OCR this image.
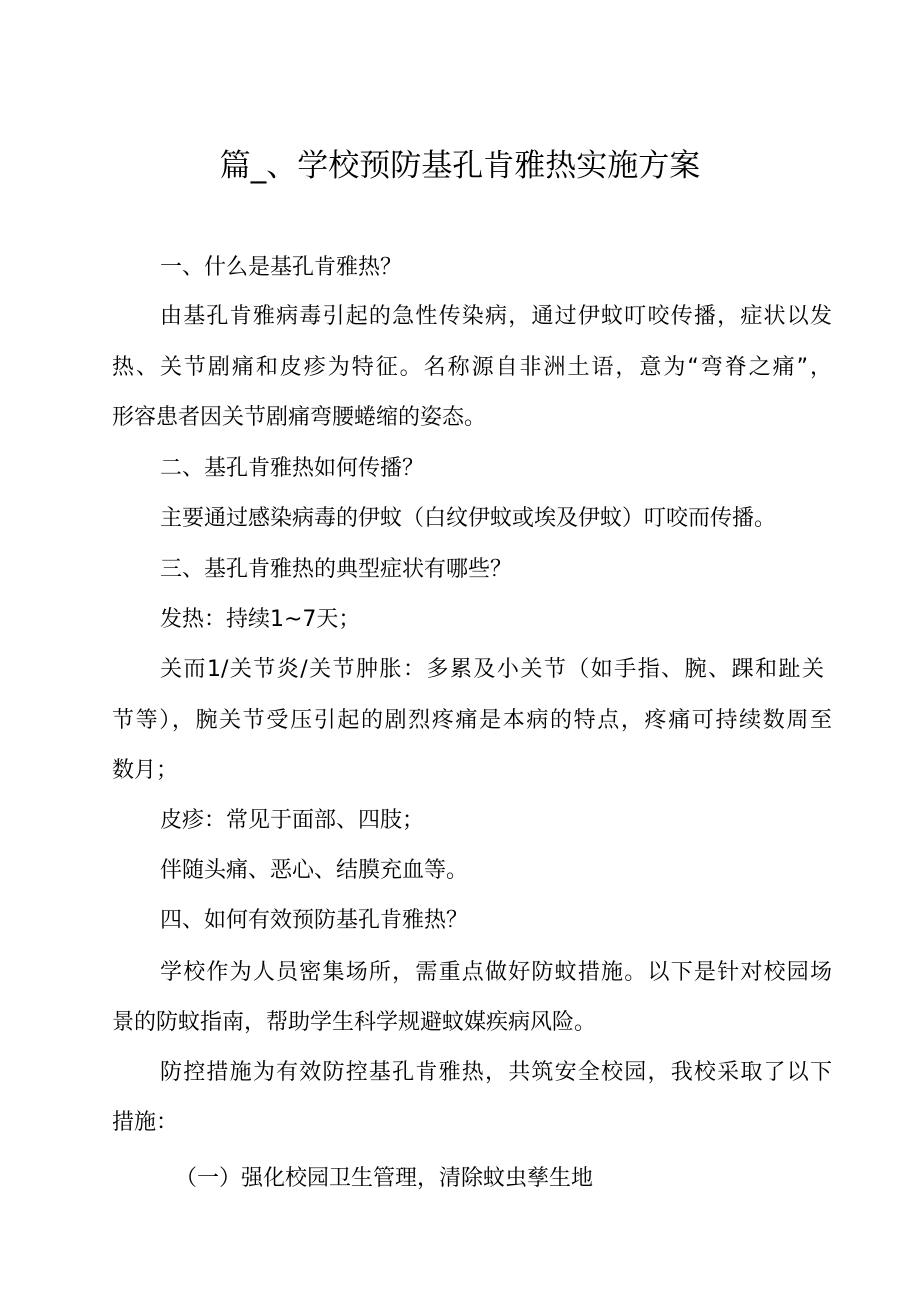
篇_、学校预防基孔肯雅热实施方案
一、什么是基孔肯雅热？
由基孔肯雅病毒引起的急性传染病，通过伊蚊叮咬传播，症状以发
热、关节剧痛和皮疹为特征。名称源自非洲土语，意为“弯脊之痛”，
形容患者因关节剧痛弯腰蜷缩的姿态。
二、基孔肯雅热如何传播？
主要通过感染病毒的伊蚊（白纹伊蚊或埃及伊蚊）叮咬而传播。
三、基孔肯雅热的典型症状有哪些？
发热：持续1~7天；
关而1/关节炎/关节肿胀：多累及小关节（如手指、腕、踝和趾关
节等），腕关节受压引起的剧烈疼痛是本病的特点，疼痛可持续数周至
数月；
皮疹：常见于面部、四肢；
伴随头痛、恶心、结膜充血等。
四、如何有效预防基孔肯雅热？
学校作为人员密集场所，需重点做好防蚊措施。以下是针对校园场
景的防蚊指南，帮助学生科学规避蚊媒疾病风险。
防控措施为有效防控基孔肯雅热，共筑安全校园，我校采取了以下
措施：
（一）强化校园卫生管理，清除蚊虫孳生地
